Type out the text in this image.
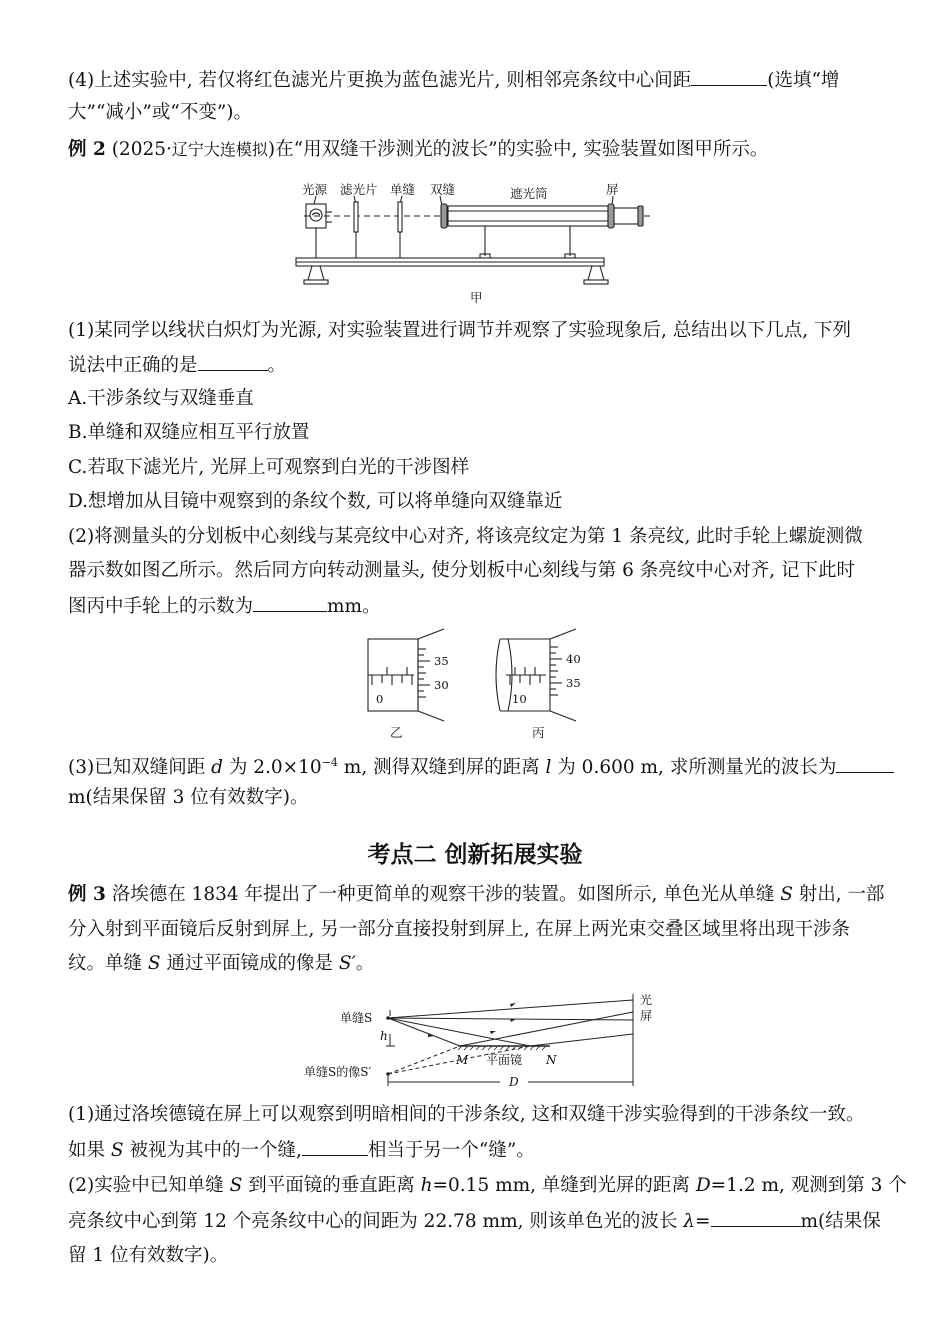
(4)上述实验中, 若仅将红色滤光片更换为蓝色滤光片, 则相邻亮条纹中心间距	(选填“增
大”“减小”或“不变”)。
例 2 (2025·辽宁大连模拟)在“用双缝干涉测光的波长”的实验中, 实验装置如图甲所示。
光源 滤光片 单缝 双缝	遮光筒	屏
甲
(1)某同学以线状白炽灯为光源, 对实验装置进行调节并观察了实验现象后, 总结出以下几点, 下列
说法中正确的是	。
A.干涉条纹与双缝垂直
B.单缝和双缝应相互平行放置
C.若取下滤光片, 光屏上可观察到白光的干涉图样
D.想增加从目镜中观察到的条纹个数, 可以将单缝向双缝靠近
(2)将测量头的分划板中心刻线与某亮纹中心对齐, 将该亮纹定为第 1 条亮纹, 此时手轮上螺旋测微
器示数如图乙所示。然后同方向转动测量头, 使分划板中心刻线与第 6 条亮纹中心对齐, 记下此时
图丙中手轮上的示数为	mm。
35
30
0
乙
40
35
10
丙
(3)已知双缝间距 d 为 $2.0\times 10^{-4}$ m, 测得双缝到屏的距离 l 为 0.600 m, 求所测量光的波长为
m(结果保留 3 位有效数字)。
考点二 创新拓展实验
例 3 洛埃德在 1834 年提出了一种更简单的观察干涉的装置。如图所示, 单色光从单缝 S 射出, 一部
分入射到平面镜后反射到屏上, 另一部分直接投射到屏上, 在屏上两光束交叠区域里将出现干涉条
纹。单缝 S 通过平面镜成的像是 S′。
单缝S
h
单缝S的像S′
M 平面镜 N
D
光
屏
(1)通过洛埃德镜在屏上可以观察到明暗相间的干涉条纹, 这和双缝干涉实验得到的干涉条纹一致。
如果 S 被视为其中的一个缝,	相当于另一个“缝”。
(2)实验中已知单缝 S 到平面镜的垂直距离 h=0.15 mm, 单缝到光屏的距离 D=1.2 m, 观测到第 3 个
亮条纹中心到第 12 个亮条纹中心的间距为 22.78 mm, 则该单色光的波长 λ=	m(结果保
留 1 位有效数字)。
